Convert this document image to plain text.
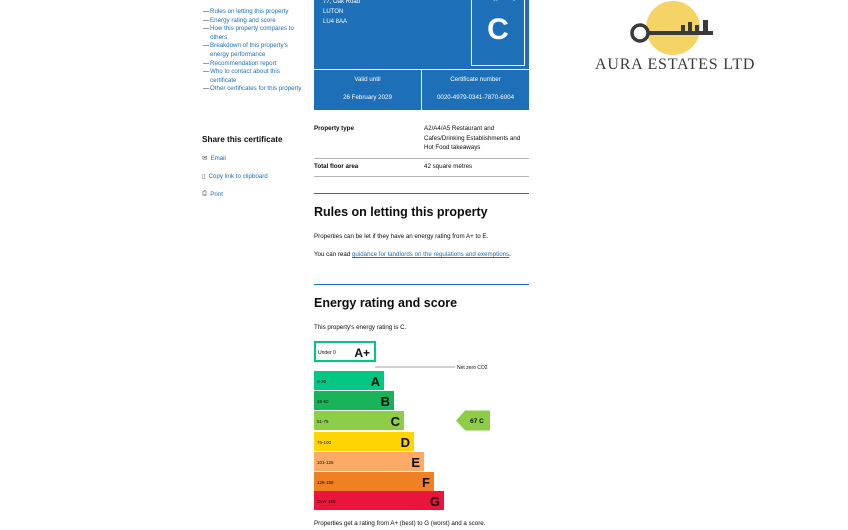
— Rules on letting this property
— Energy rating and score
— How this property compares to others
— Breakdown of this property's energy performance
— Recommendation report
— Who to contact about this certificate
— Other certificates for this property
Share this certificate
✉ Email
▯ Copy link to clipboard
⎙ Print
77, Oak Road
LUTON
LU4 8AA	C
Valid until
26 February 2029
Certificate number
0020-4979-0341-7870-6004
Property type	A2/A4/A5 Restaurant and Cafes/Drinking Establishments and Hot Food takeaways
Total floor area	42 square metres
Rules on letting this property
Properties can be let if they have an energy rating from A+ to E.
You can read guidance for landlords on the regulations and exemptions.
Energy rating and score
This property's energy rating is C.
Under 0 A+
0-25	A
26-50	B
51-75	C
76-100	D
101-125	E
126-150	F
Over 150	G
Net zero CO2
67 C
Properties get a rating from A+ (best) to G (worst) and a score.
AURA ESTATES LTD
